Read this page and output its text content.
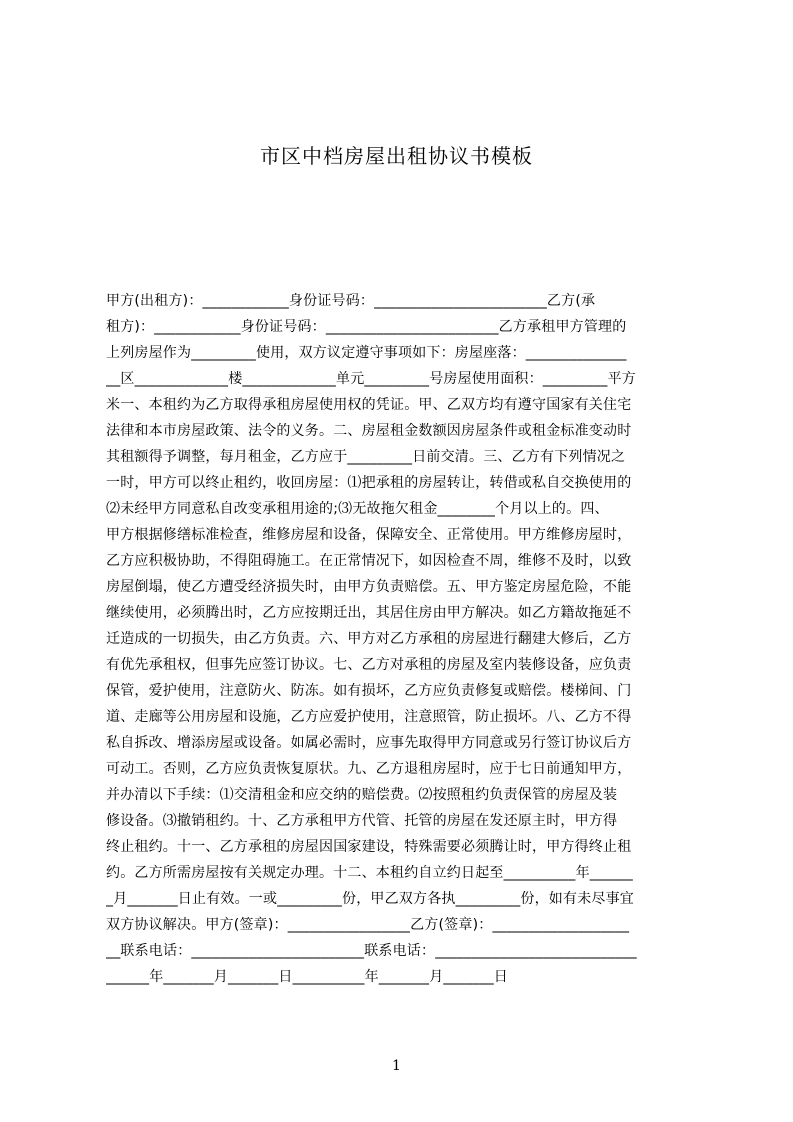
市区中档房屋出租协议书模板
甲方(出租方)：____________身份证号码：________________________乙方(承
租方)：____________身份证号码：________________________乙方承租甲方管理的
上列房屋作为_________使用，双方议定遵守事项如下：房屋座落：______________
__区_____________楼_____________单元_________号房屋使用面积：_________平方
米一、本租约为乙方取得承租房屋使用权的凭证。甲、乙双方均有遵守国家有关住宅
法律和本市房屋政策、法令的义务。二、房屋租金数额因房屋条件或租金标准变动时
其租额得予调整，每月租金，乙方应于_________日前交清。三、乙方有下列情况之
一时，甲方可以终止租约，收回房屋：⑴把承租的房屋转让，转借或私自交换使用的
⑵未经甲方同意私自改变承租用途的;⑶无故拖欠租金________个月以上的。四、
甲方根据修缮标准检查，维修房屋和设备，保障安全、正常使用。甲方维修房屋时，
乙方应积极协助，不得阻碍施工。在正常情况下，如因检查不周，维修不及时，以致
房屋倒塌，使乙方遭受经济损失时，由甲方负责赔偿。五、甲方鉴定房屋危险，不能
继续使用，必须腾出时，乙方应按期迁出，其居住房由甲方解决。如乙方籍故拖延不
迁造成的一切损失，由乙方负责。六、甲方对乙方承租的房屋进行翻建大修后，乙方
有优先承租权，但事先应签订协议。七、乙方对承租的房屋及室内装修设备，应负责
保管，爱护使用，注意防火、防冻。如有损坏，乙方应负责修复或赔偿。楼梯间、门
道、走廊等公用房屋和设施，乙方应爱护使用，注意照管，防止损坏。八、乙方不得
私自拆改、增添房屋或设备。如属必需时，应事先取得甲方同意或另行签订协议后方
可动工。否则，乙方应负责恢复原状。九、乙方退租房屋时，应于七日前通知甲方，
并办清以下手续：⑴交清租金和应交纳的赔偿费。⑵按照租约负责保管的房屋及装
修设备。⑶撤销租约。十、乙方承租甲方代管、托管的房屋在发还原主时，甲方得
终止租约。十一、乙方承租的房屋因国家建设，特殊需要必须腾让时，甲方得终止租
约。乙方所需房屋按有关规定办理。十二、本租约自立约日起至__________年______
_月_______日止有效。一或_________份，甲乙双方各执_________份，如有未尽事宜
双方协议解决。甲方(签章)：_________________乙方(签章)：___________________
__联系电话：________________________联系电话：____________________________
______年_______月_______日__________年_______月_______日
1
